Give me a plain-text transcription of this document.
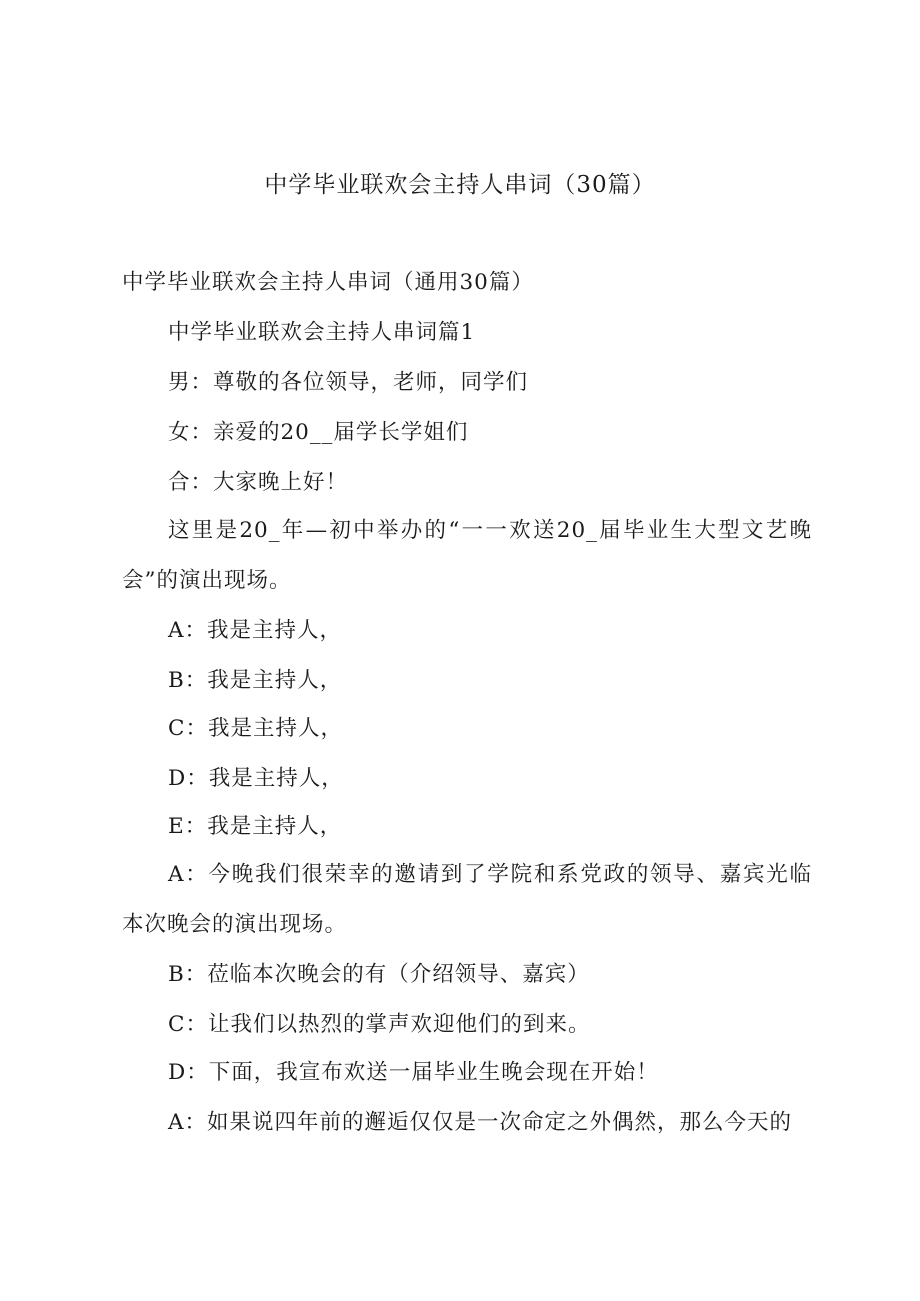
中学毕业联欢会主持人串词（30篇）

中学毕业联欢会主持人串词（通用30篇）

中学毕业联欢会主持人串词篇1

男：尊敬的各位领导，老师，同学们

女：亲爱的20__届学长学姐们

合：大家晚上好！

这里是20_年—初中举办的“一一欢送20_届毕业生大型文艺晚会”的演出现场。

A：我是主持人，

B：我是主持人，

C：我是主持人，

D：我是主持人，

E：我是主持人，

A：今晚我们很荣幸的邀请到了学院和系党政的领导、嘉宾光临本次晚会的演出现场。

B：莅临本次晚会的有（介绍领导、嘉宾）

C：让我们以热烈的掌声欢迎他们的到来。

D：下面，我宣布欢送一届毕业生晚会现在开始！

A：如果说四年前的邂逅仅仅是一次命定之外偶然，那么今天的
